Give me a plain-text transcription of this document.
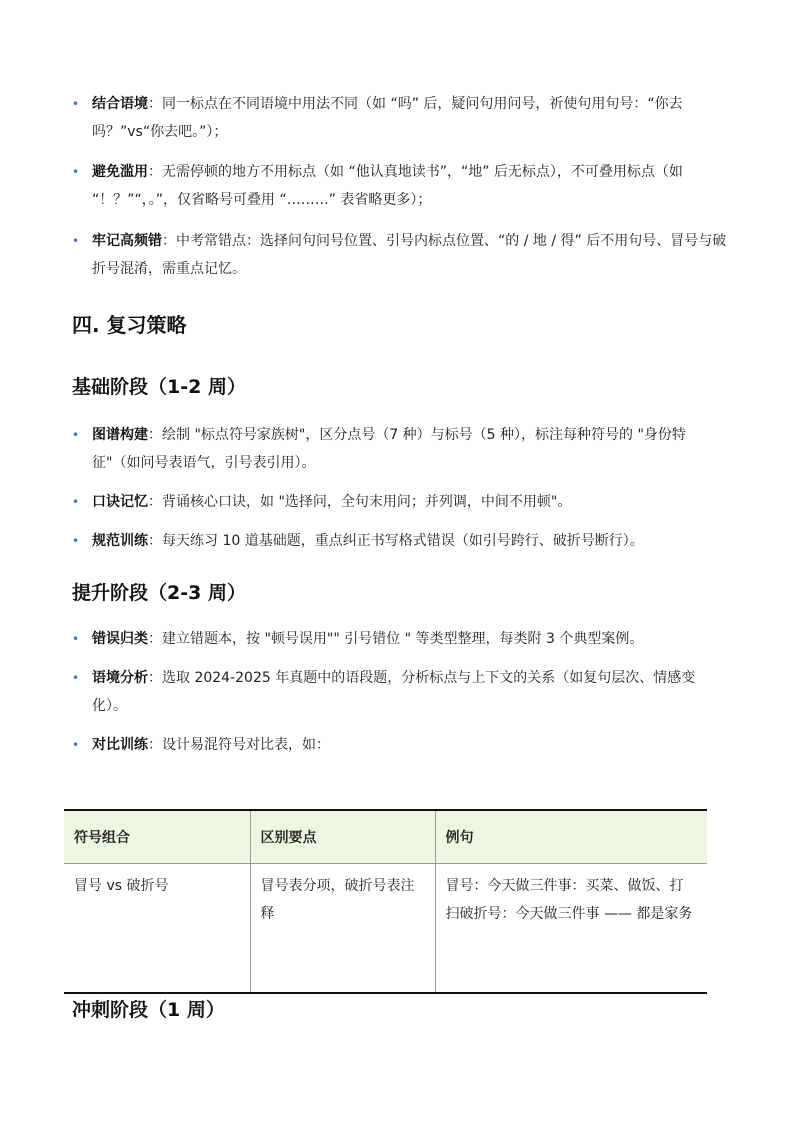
• 结合语境：同一标点在不同语境中用法不同（如 “吗” 后，疑问句用问号，祈使句用句号：“你去吗？”vs“你去吧。”）；
• 避免滥用：无需停顿的地方不用标点（如 “他认真地读书”，“地” 后无标点），不可叠用标点（如 “！？”“，。”，仅省略号可叠用 “………” 表省略更多）；
• 牢记高频错：中考常错点：选择问句问号位置、引号内标点位置、“的 / 地 / 得” 后不用句号、冒号与破折号混淆，需重点记忆。
四. 复习策略
基础阶段（1-2 周）
• 图谱构建：绘制 "标点符号家族树"，区分点号（7 种）与标号（5 种），标注每种符号的 "身份特征"（如问号表语气，引号表引用）。
• 口诀记忆：背诵核心口诀，如 "选择问，全句末用问；并列调，中间不用顿"。
• 规范训练：每天练习 10 道基础题，重点纠正书写格式错误（如引号跨行、破折号断行）。
提升阶段（2-3 周）
• 错误归类：建立错题本，按 "顿号误用"" 引号错位 " 等类型整理，每类附 3 个典型案例。
• 语境分析：选取 2024-2025 年真题中的语段题，分析标点与上下文的关系（如复句层次、情感变化）。
• 对比训练：设计易混符号对比表，如：
符号组合	区别要点	例句
冒号 vs 破折号	冒号表分项，破折号表注释	冒号：今天做三件事：买菜、做饭、打扫破折号：今天做三件事 —— 都是家务
冲刺阶段（1 周）
